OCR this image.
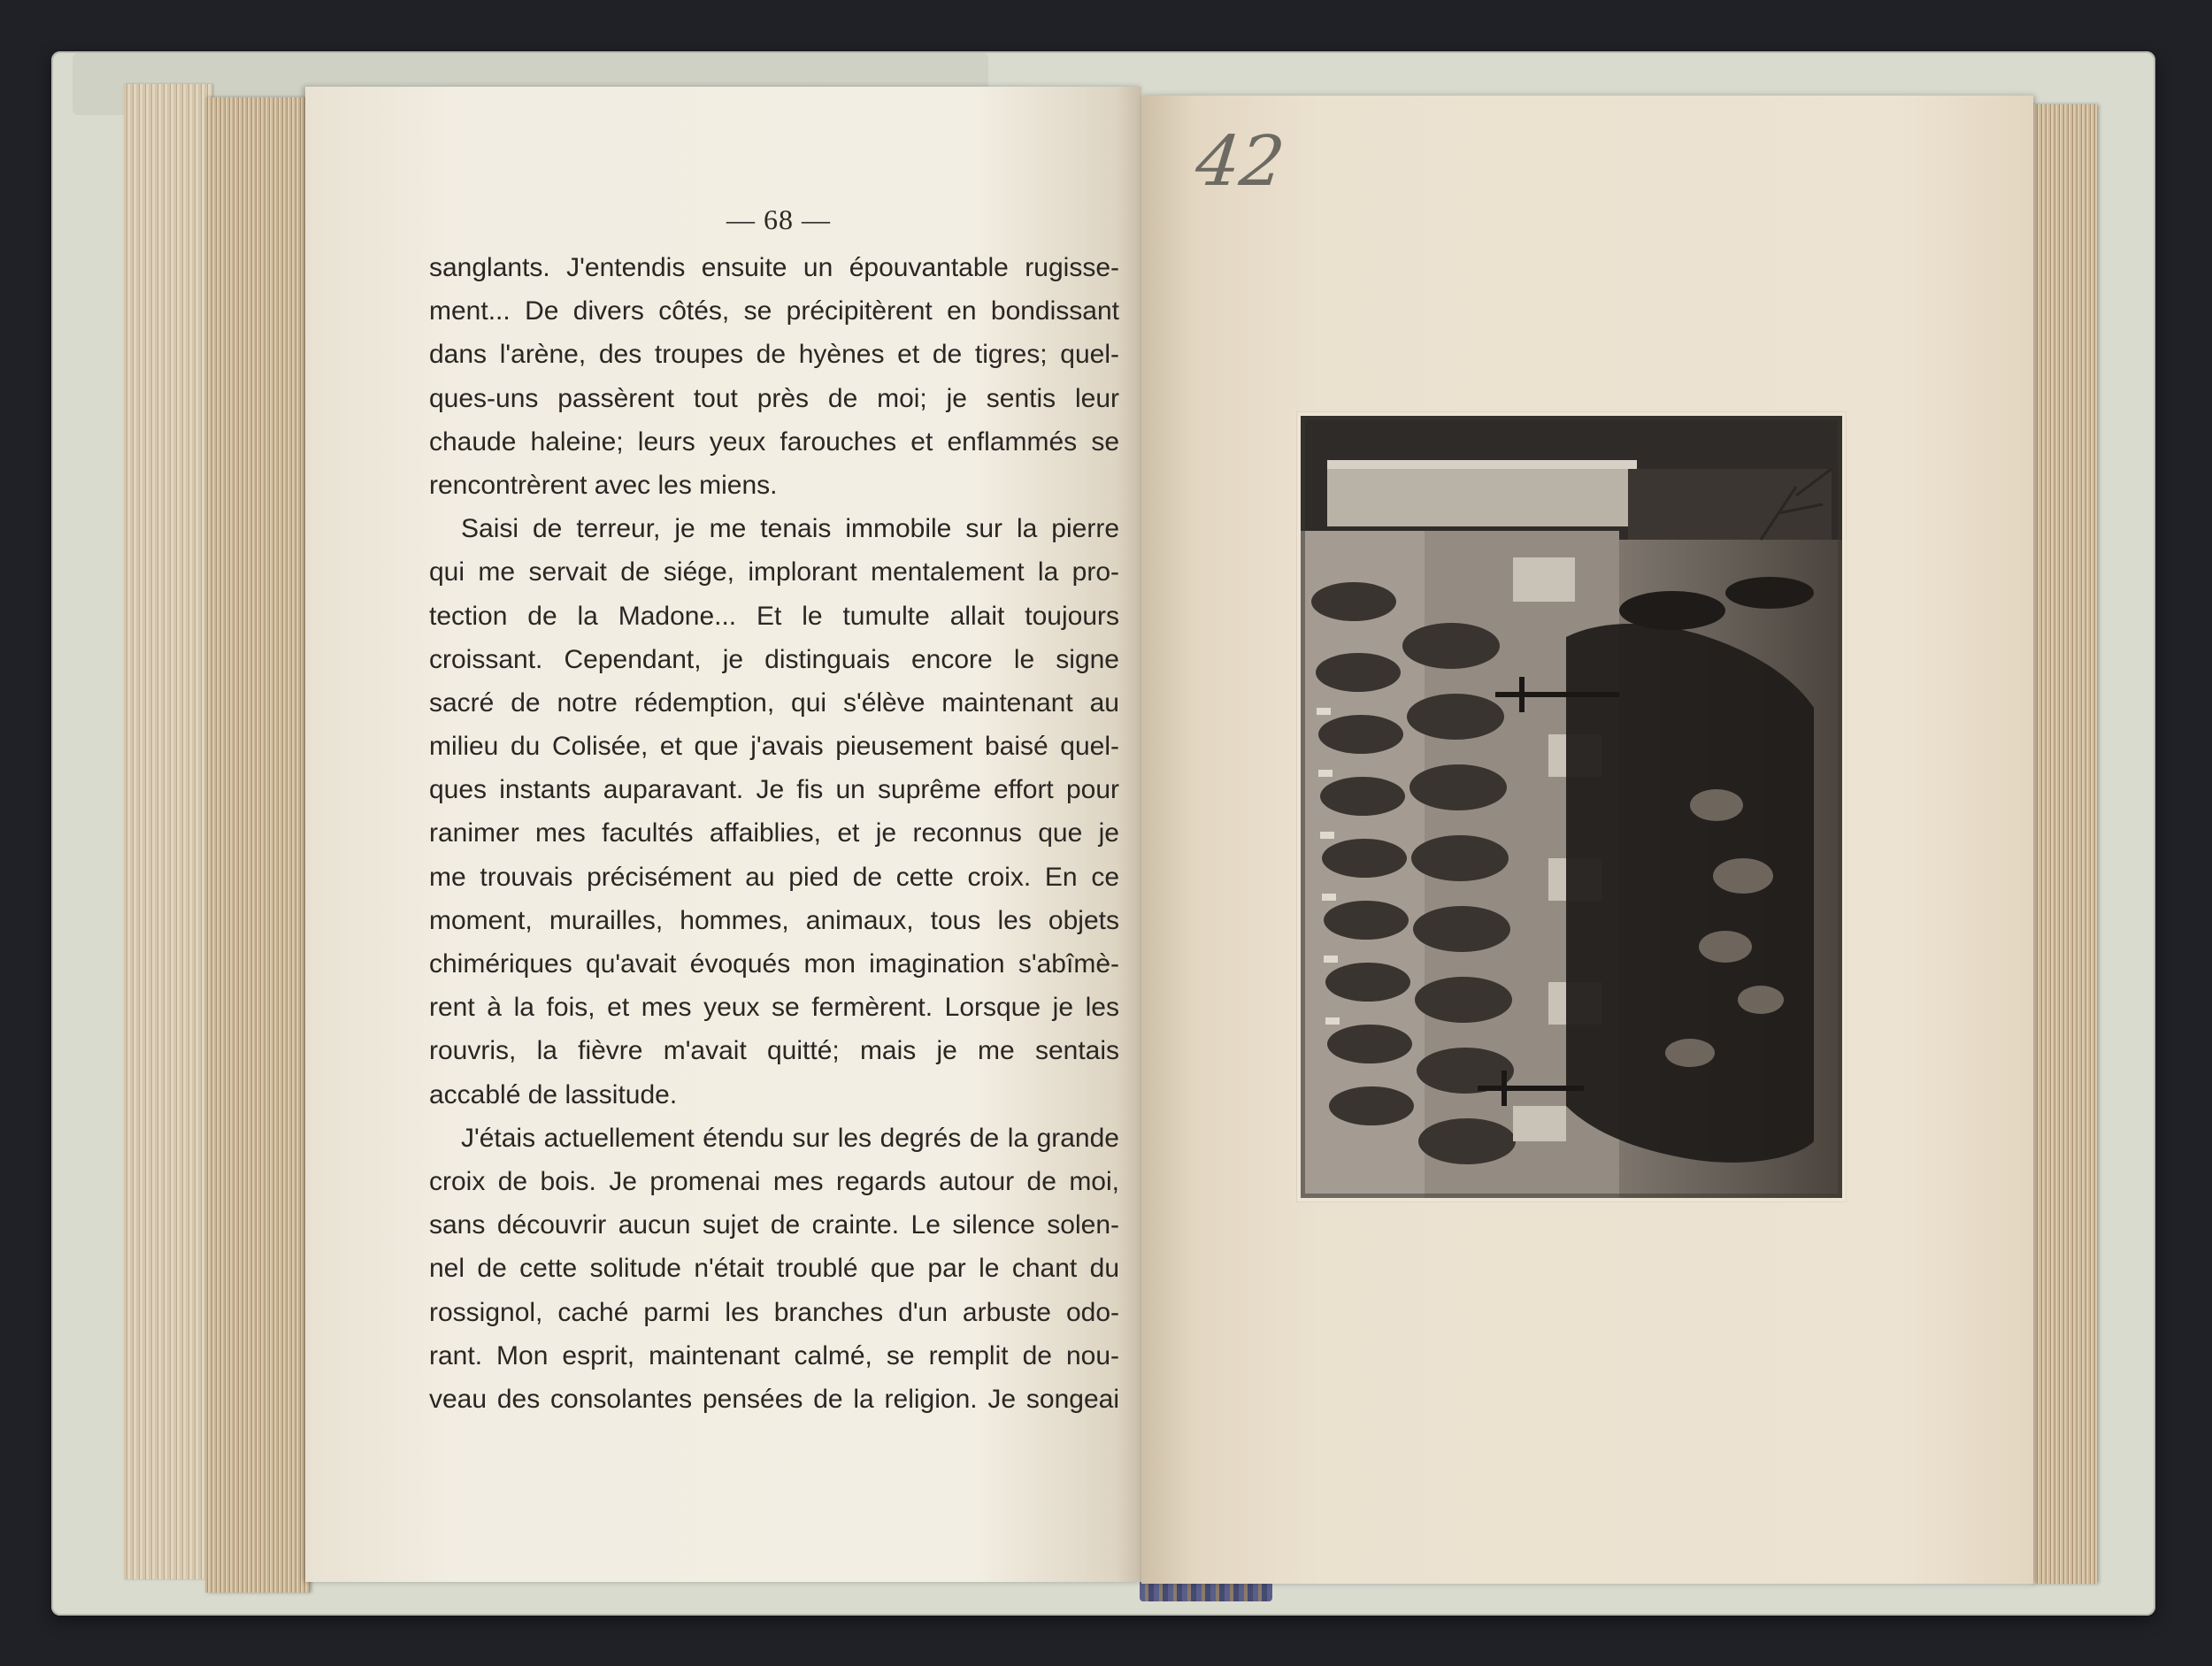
— 68 —
sanglants. J'entendis ensuite un épouvantable rugisse-
ment... De divers côtés, se précipitèrent en bondissant
dans l'arène, des troupes de hyènes et de tigres; quel-
ques-uns passèrent tout près de moi; je sentis leur
chaude haleine; leurs yeux farouches et enflammés se
rencontrèrent avec les miens.
Saisi de terreur, je me tenais immobile sur la pierre
qui me servait de siége, implorant mentalement la pro-
tection de la Madone... Et le tumulte allait toujours
croissant. Cependant, je distinguais encore le signe
sacré de notre rédemption, qui s'élève maintenant au
milieu du Colisée, et que j'avais pieusement baisé quel-
ques instants auparavant. Je fis un suprême effort pour
ranimer mes facultés affaiblies, et je reconnus que je
me trouvais précisément au pied de cette croix. En ce
moment, murailles, hommes, animaux, tous les objets
chimériques qu'avait évoqués mon imagination s'abîmè-
rent à la fois, et mes yeux se fermèrent. Lorsque je les
rouvris, la fièvre m'avait quitté; mais je me sentais
accablé de lassitude.
J'étais actuellement étendu sur les degrés de la grande
croix de bois. Je promenai mes regards autour de moi,
sans découvrir aucun sujet de crainte. Le silence solen-
nel de cette solitude n'était troublé que par le chant du
rossignol, caché parmi les branches d'un arbuste odo-
rant. Mon esprit, maintenant calmé, se remplit de nou-
veau des consolantes pensées de la religion. Je songeai
42
